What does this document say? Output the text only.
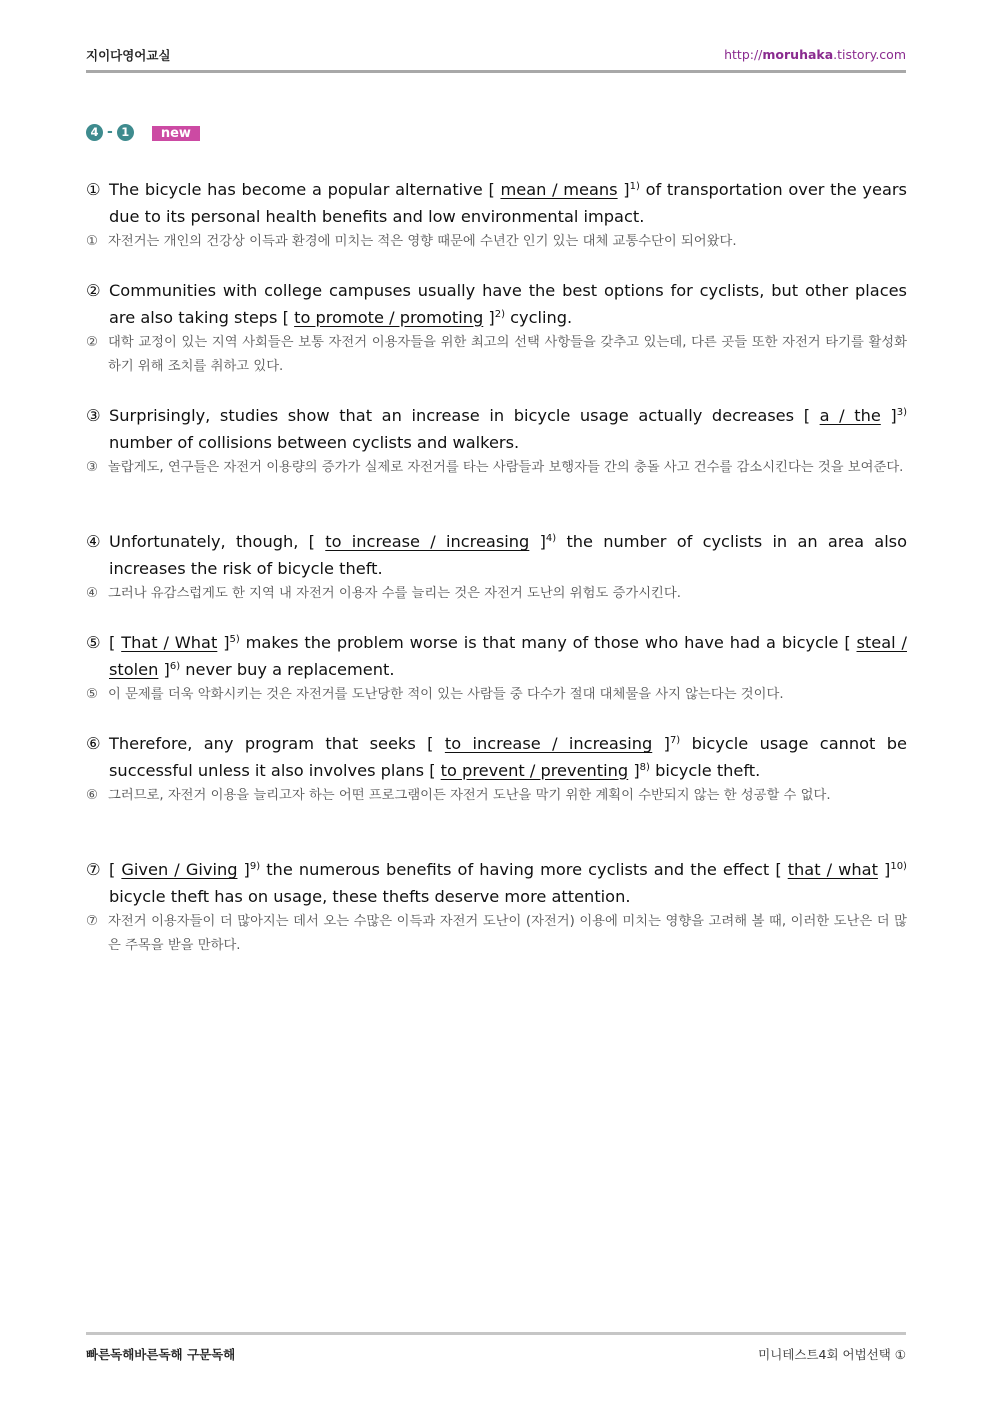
지이다영어교실	http://moruhaka.tistory.com
4 - 1	new
① The bicycle has become a popular alternative [ mean / means ]$^{1)}$ of transportation over the years due to its personal health benefits and low environmental impact.
① 자전거는 개인의 건강상 이득과 환경에 미치는 적은 영향 때문에 수년간 인기 있는 대체 교통수단이 되어왔다.
② Communities with college campuses usually have the best options for cyclists, but other places are also taking steps [ to promote / promoting ]$^{2)}$ cycling.
② 대학 교정이 있는 지역 사회들은 보통 자전거 이용자들을 위한 최고의 선택 사항들을 갖추고 있는데, 다른 곳들 또한 자전거 타기를 활성화하기 위해 조치를 취하고 있다.
③ Surprisingly, studies show that an increase in bicycle usage actually decreases [ a / the ]$^{3)}$ number of collisions between cyclists and walkers.
③ 놀랍게도, 연구들은 자전거 이용량의 증가가 실제로 자전거를 타는 사람들과 보행자들 간의 충돌 사고 건수를 감소시킨다는 것을 보여준다.
④ Unfortunately, though, [ to increase / increasing ]$^{4)}$ the number of cyclists in an area also increases the risk of bicycle theft.
④ 그러나 유감스럽게도 한 지역 내 자전거 이용자 수를 늘리는 것은 자전거 도난의 위험도 증가시킨다.
⑤ [ That / What ]$^{5)}$ makes the problem worse is that many of those who have had a bicycle [ steal / stolen ]$^{6)}$ never buy a replacement.
⑤ 이 문제를 더욱 악화시키는 것은 자전거를 도난당한 적이 있는 사람들 중 다수가 절대 대체물을 사지 않는다는 것이다.
⑥ Therefore, any program that seeks [ to increase / increasing ]$^{7)}$ bicycle usage cannot be successful unless it also involves plans [ to prevent / preventing ]$^{8)}$ bicycle theft.
⑥ 그러므로, 자전거 이용을 늘리고자 하는 어떤 프로그램이든 자전거 도난을 막기 위한 계획이 수반되지 않는 한 성공할 수 없다.
⑦ [ Given / Giving ]$^{9)}$ the numerous benefits of having more cyclists and the effect [ that / what ]$^{10)}$ bicycle theft has on usage, these thefts deserve more attention.
⑦ 자전거 이용자들이 더 많아지는 데서 오는 수많은 이득과 자전거 도난이 (자전거) 이용에 미치는 영향을 고려해 볼 때, 이러한 도난은 더 많은 주목을 받을 만하다.
빠른독해바른독해 구문독해	미니테스트4회 어법선택 ①
